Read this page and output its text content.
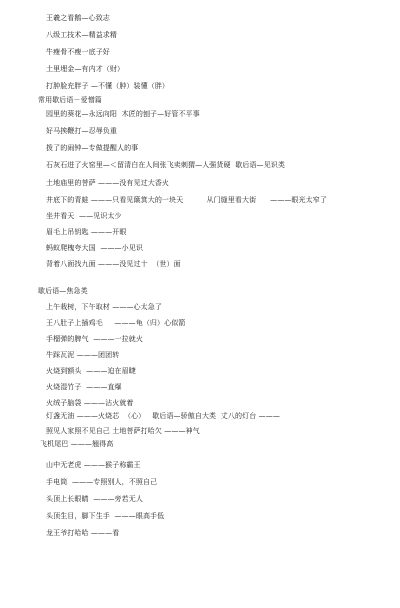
王羲之看鹅—心致志
八级工技术—精益求精
牛瘦骨不瘦一底子好
土里埋金—有内才（财）
打肿脸充胖子 —不懂（肿）装懂（胖）
常用歇后语－爱憎篇
园里的葵花—永远向阳  木匠的刨子—好管不平事
好马挨鞭打—忍辱负重
拨了的闹钟—专做提醒人的事
石灰石进了火窑里—＜留清白在人间张飞卖刺猬—人强货硬  歇后语—见识类
土地庙里的菩萨 ———没有见过大香火
井底下的青蛙 ———只看见簸箕大的一块天          从门缝里看大街      ———眼光太窄了
坐井看天  ——见识太少
眉毛上吊钥匙 ———开眼
蚂蚁爬槐夸大国  ———小见识
背着八面找九面 ———没见过十  （世）面
歇后语—焦急类
上午栽树，下午取材 ———心太急了
王八肚子上插鸡毛     ———龟（归）心似箭
手榴弹的脾气  ———一拉就火
牛踩瓦泥 ———团团转
火烧到额头  ———迫在眉睫
火烧湿竹子  ———直爆
火绒子脑袋 ———沾火就着
灯盏无油 ———火烧芯  （心）   歇后语—骄傲自大类  丈八的灯台 ———
照见人家照不见自己 土地菩萨打哈欠 ———神气
飞机尾巴 ———翘得高
山中无老虎 ———猴子称霸王
手电筒  ———专照别人，不照自己
头顶上长眼睛  ———旁若无人
头顶生目，脚下生手  ———眼高手低
龙王爷打哈哈 ———看
